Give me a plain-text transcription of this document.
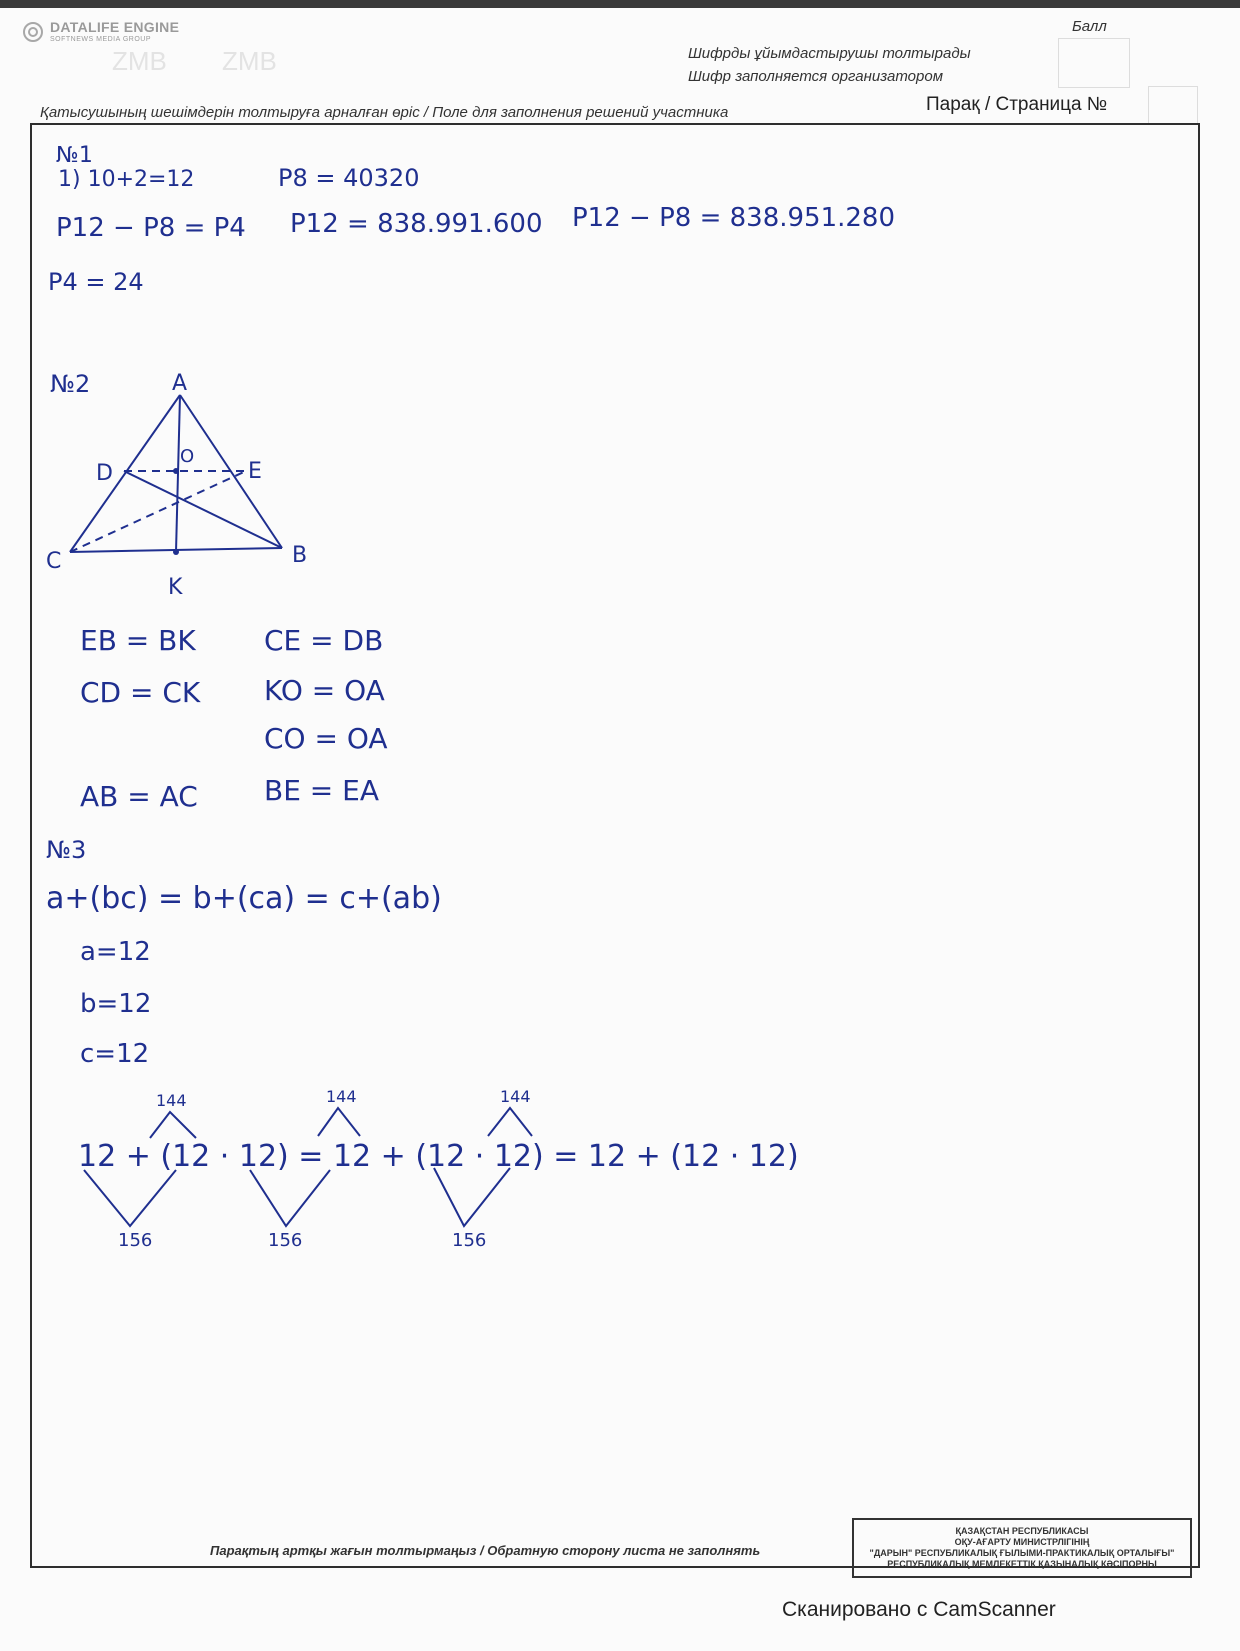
DATALIFE ENGINE
SOFTNEWS MEDIA GROUP
ZMB ZMB	Шифрды ұйымдастырушы толтырады
Шифр заполняется организатором
Балл
Қатысушының шешімдерін толтыруға арналған өріс / Поле для заполнения решений участника	Парақ / Страница №
№1
1) 10+2=12	P8 = 40320
P12 − P8 = P4 P12 = 838.991.600 P12 − P8 = 838.951.280
P4 = 24
№2	A
D
O
E
C	B
K
EB = BK
CD = CK
AB = AC
CE = DB
KO = OA
CO = OA
BE = EA
№3
a+(bc) = b+(ca) = c+(ab)
a=12
b=12
c=12
144	144	144
12 + (12 · 12) = 12 + (12 · 12) = 12 + (12 · 12)
156	156	156
Парақтың артқы жағын толтырмаңыз / Обратную сторону листа не заполнять
ҚАЗАҚСТАН РЕСПУБЛИКАСЫ
ОҚУ-АҒАРТУ МИНИСТРЛІГІНІҢ
"ДАРЫН" РЕСПУБЛИКАЛЫҚ ҒЫЛЫМИ-ПРАКТИКАЛЫҚ ОРТАЛЫҒЫ"
РЕСПУБЛИКАЛЫҚ МЕМЛЕКЕТТІК ҚАЗЫНАЛЫҚ КӘСІПОРНЫ
Сканировано с CamScanner
